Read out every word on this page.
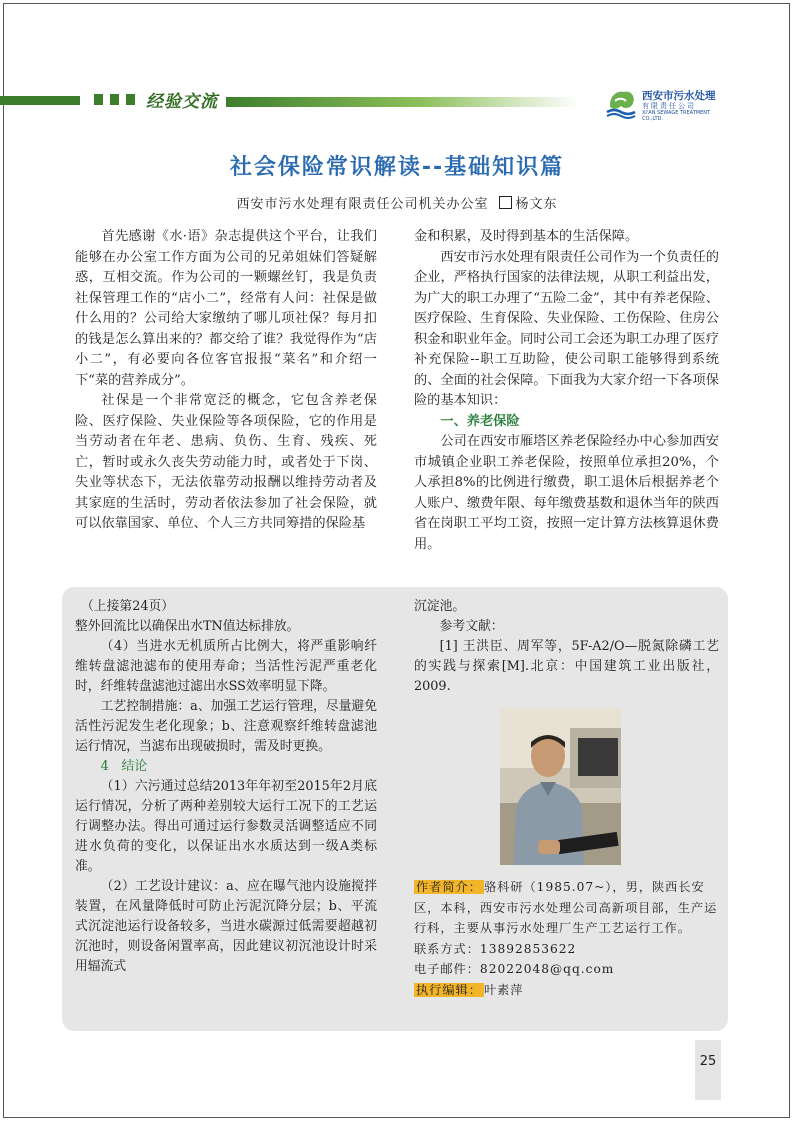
经验交流	西安市污水处理
有限责任公司
XI'AN SEWAGE TREATMENT CO.,LTD.
社会保险常识解读--基础知识篇
西安市污水处理有限责任公司机关办公室 杨文东

首先感谢《水·语》杂志提供这个平台，让我们能够在办公室工作方面为公司的兄弟姐妹们答疑解惑，互相交流。作为公司的一颗螺丝钉，我是负责社保管理工作的“店小二”，经常有人问：社保是做什么用的？公司给大家缴纳了哪儿项社保？每月扣的钱是怎么算出来的？都交给了谁？我觉得作为“店小二”，有必要向各位客官报报“菜名”和介绍一下“菜的营养成分”。

社保是一个非常宽泛的概念，它包含养老保险、医疗保险、失业保险等各项保险，它的作用是当劳动者在年老、患病、负伤、生育、残疾、死亡，暂时或永久丧失劳动能力时，或者处于下岗、失业等状态下，无法依靠劳动报酬以维持劳动者及其家庭的生活时，劳动者依法参加了社会保险，就可以依靠国家、单位、个人三方共同筹措的保险基

金和积累，及时得到基本的生活保障。

西安市污水处理有限责任公司作为一个负责任的企业，严格执行国家的法律法规，从职工利益出发，为广大的职工办理了“五险二金”，其中有养老保险、医疗保险、生育保险、失业保险、工伤保险、住房公积金和职业年金。同时公司工会还为职工办理了医疗补充保险--职工互助险，使公司职工能够得到系统的、全面的社会保障。下面我为大家介绍一下各项保险的基本知识：

一、养老保险

公司在西安市雁塔区养老保险经办中心参加西安市城镇企业职工养老保险，按照单位承担20%，个人承担8%的比例进行缴费，职工退休后根据养老个人账户、缴费年限、每年缴费基数和退休当年的陕西省在岗职工平均工资，按照一定计算方法核算退休费用。

（上接第24页）

整外回流比以确保出水TN值达标排放。

（4）当进水无机质所占比例大，将严重影响纤维转盘滤池滤布的使用寿命；当活性污泥严重老化时，纤维转盘滤池过滤出水SS效率明显下降。

工艺控制措施：a、加强工艺运行管理，尽量避免活性污泥发生老化现象；b、注意观察纤维转盘滤池运行情况，当滤布出现破损时，需及时更换。

4　结论

（1）六污通过总结2013年年初至2015年2月底运行情况，分析了两种差别较大运行工况下的工艺运行调整办法。得出可通过运行参数灵活调整适应不同进水负荷的变化，以保证出水水质达到一级A类标准。

（2）工艺设计建议：a、应在曝气池内设施搅拌装置，在风量降低时可防止污泥沉降分层；b、平流式沉淀池运行设备较多，当进水碳源过低需要超越初沉池时，则设备闲置率高，因此建议初沉池设计时采用辐流式

沉淀池。

参考文献：

[1] 王洪臣、周军等，5F-A2/O—脱氮除磷工艺的实践与探索[M].北京：中国建筑工业出版社，2009.

作者简介： 骆科研（1985.07~），男，陕西长安区，本科，西安市污水处理公司高新项目部，生产运行科，主要从事污水处理厂生产工艺运行工作。
联系方式：13892853622
电子邮件：82022048@qq.com
执行编辑： 叶素萍
25
